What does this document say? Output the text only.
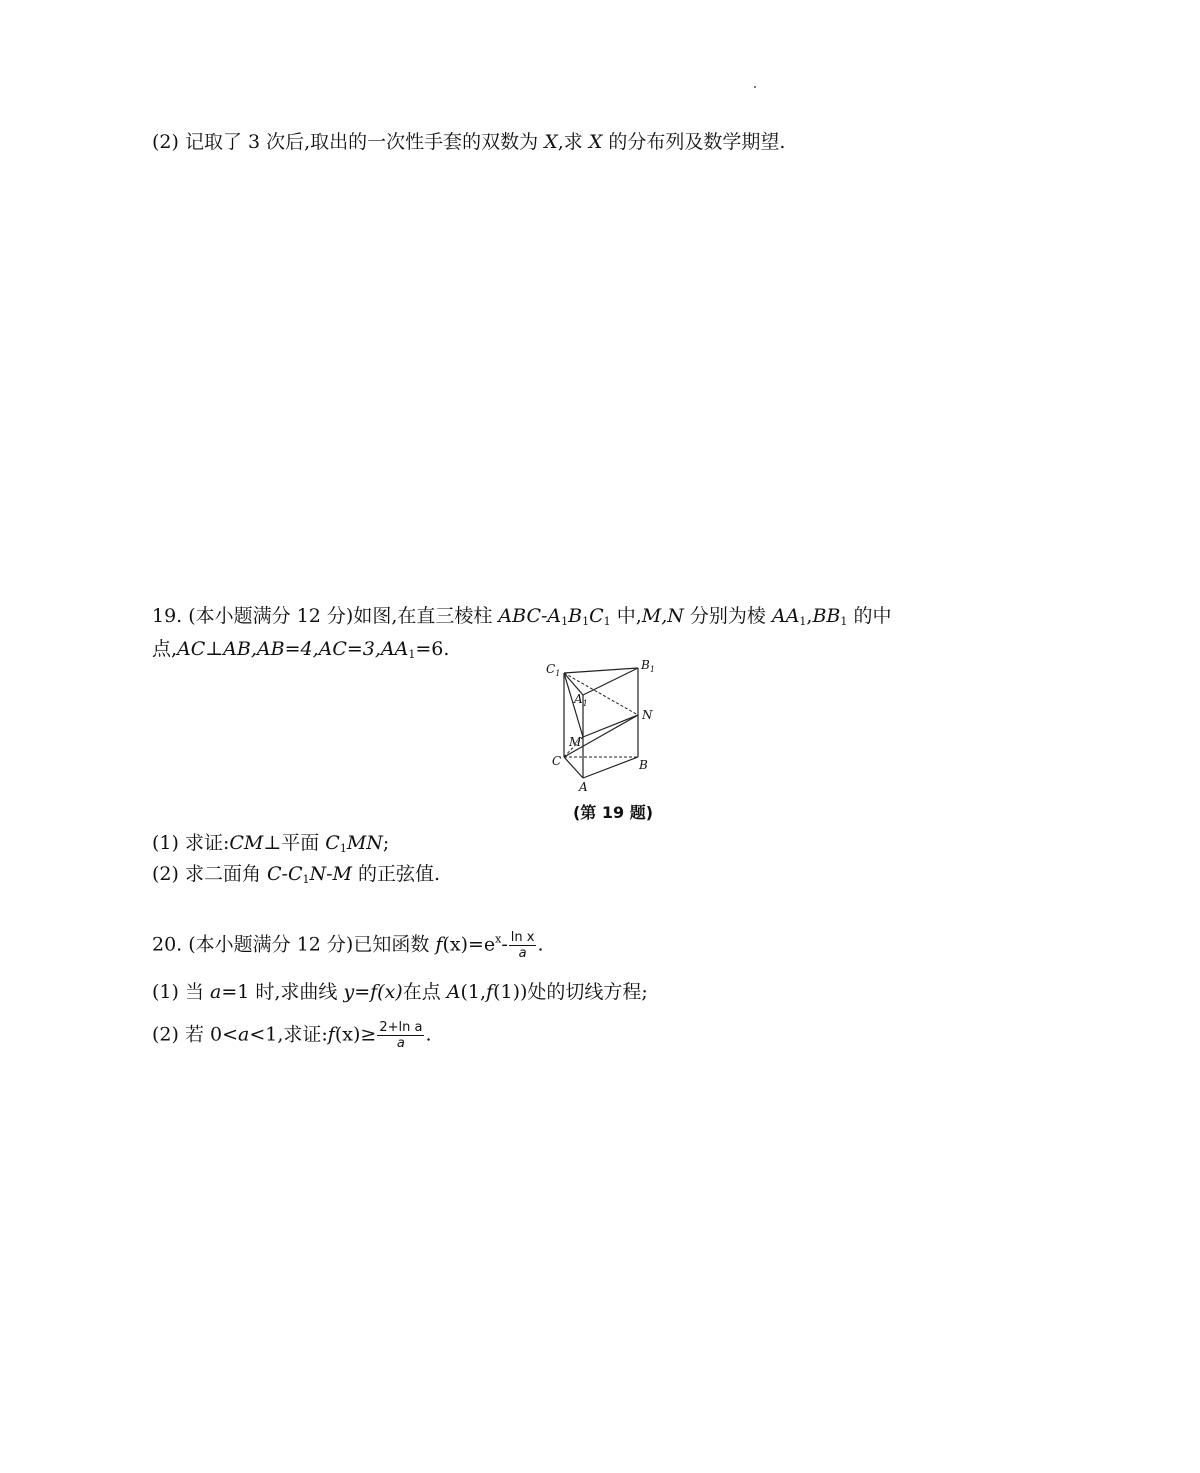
(2) 记取了 3 次后,取出的一次性手套的双数为 X,求 X 的分布列及数学期望.
19. (本小题满分 12 分)如图,在直三棱柱 ABC-$A_1B_1C_1$ 中,M,N 分别为棱 $AA_1,BB_1$ 的中
点$,AC\perp AB,AB=4,AC=3,AA_1=6$.
$C_1$
$B_1$
$A_1$
N
M
C	B
A
(第 19 题)
(1) 求证:CM⊥平面 $C_1MN$;
(2) 求二面角 $C-C_1N-M$ 的正弦值.
20. (本小题满分 12 分)已知函数 $f(x)=e^x- \frac{\text{ln x}}{a}$ .
(1) 当 a=1 时,求曲线 y=f(x)在点 A(1,f(1))处的切线方程;
(2) 若 0<a<1,求证:f(x)≥ $\frac{\text{2+ln a}}{a}$ .
